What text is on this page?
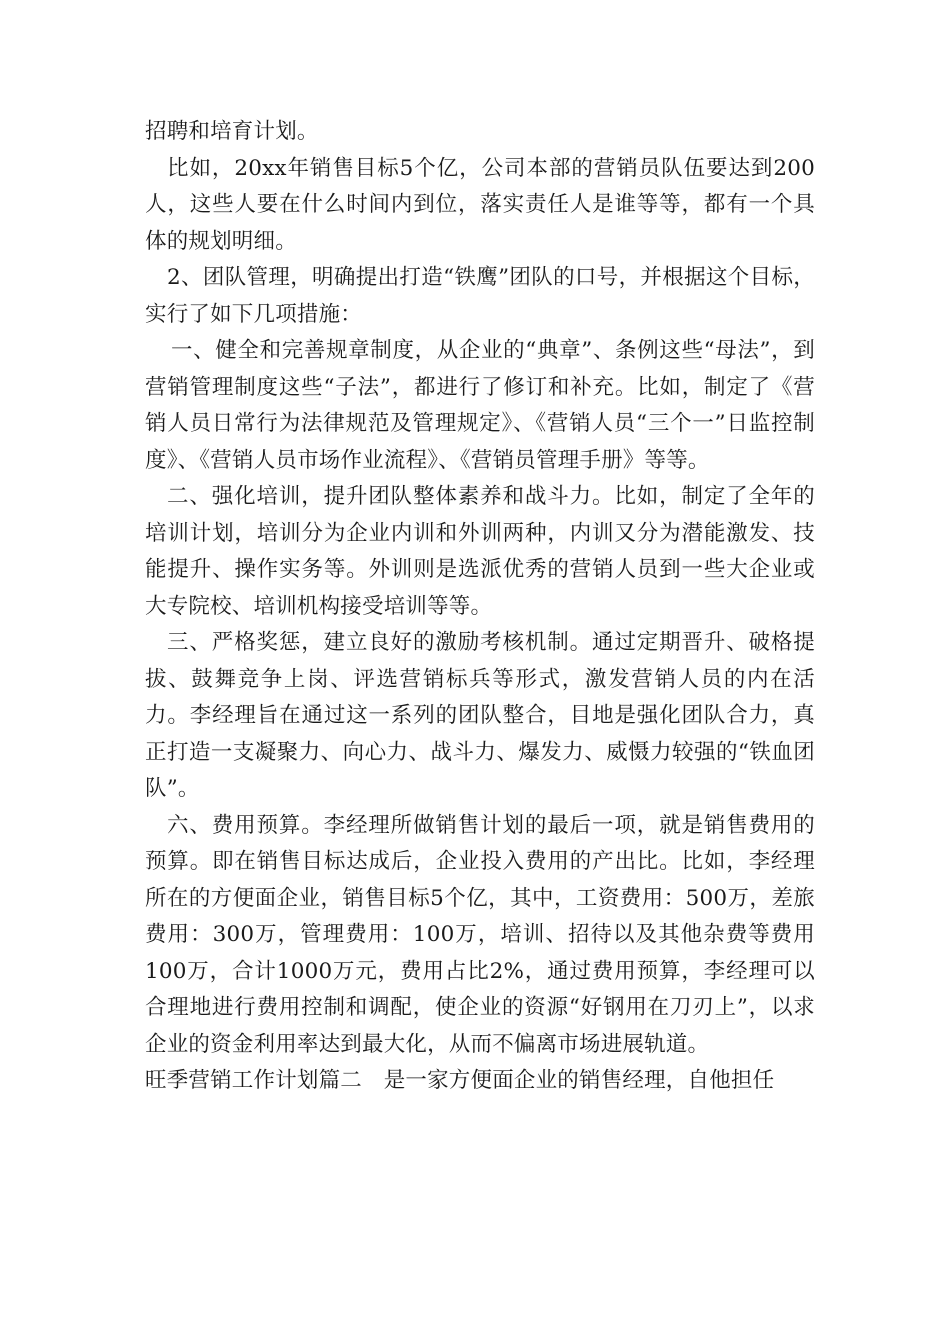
招聘和培育计划。

比如，20xx年销售目标5个亿，公司本部的营销员队伍要达到200人，这些人要在什么时间内到位，落实责任人是谁等等，都有一个具体的规划明细。

2、团队管理，明确提出打造“铁鹰”团队的口号，并根据这个目标，实行了如下几项措施：

一、健全和完善规章制度，从企业的“典章”、条例这些“母法”，到营销管理制度这些“子法”，都进行了修订和补充。比如，制定了《营销人员日常行为法律规范及管理规定》、《营销人员“三个一”日监控制度》、《营销人员市场作业流程》、《营销员管理手册》等等。

二、强化培训，提升团队整体素养和战斗力。比如，制定了全年的培训计划，培训分为企业内训和外训两种，内训又分为潜能激发、技能提升、操作实务等。外训则是选派优秀的营销人员到一些大企业或大专院校、培训机构接受培训等等。

三、严格奖惩，建立良好的激励考核机制。通过定期晋升、破格提拔、鼓舞竞争上岗、评选营销标兵等形式，激发营销人员的内在活力。李经理旨在通过这一系列的团队整合，目地是强化团队合力，真正打造一支凝聚力、向心力、战斗力、爆发力、威慑力较强的“铁血团队”。

六、费用预算。李经理所做销售计划的最后一项，就是销售费用的预算。即在销售目标达成后，企业投入费用的产出比。比如，李经理所在的方便面企业，销售目标5个亿，其中，工资费用：500万，差旅费用：300万，管理费用：100万，培训、招待以及其他杂费等费用100万，合计1000万元，费用占比2%，通过费用预算，李经理可以合理地进行费用控制和调配，使企业的资源“好钢用在刀刃上”，以求企业的资金利用率达到最大化，从而不偏离市场进展轨道。

旺季营销工作计划篇二　是一家方便面企业的销售经理，自他担任
